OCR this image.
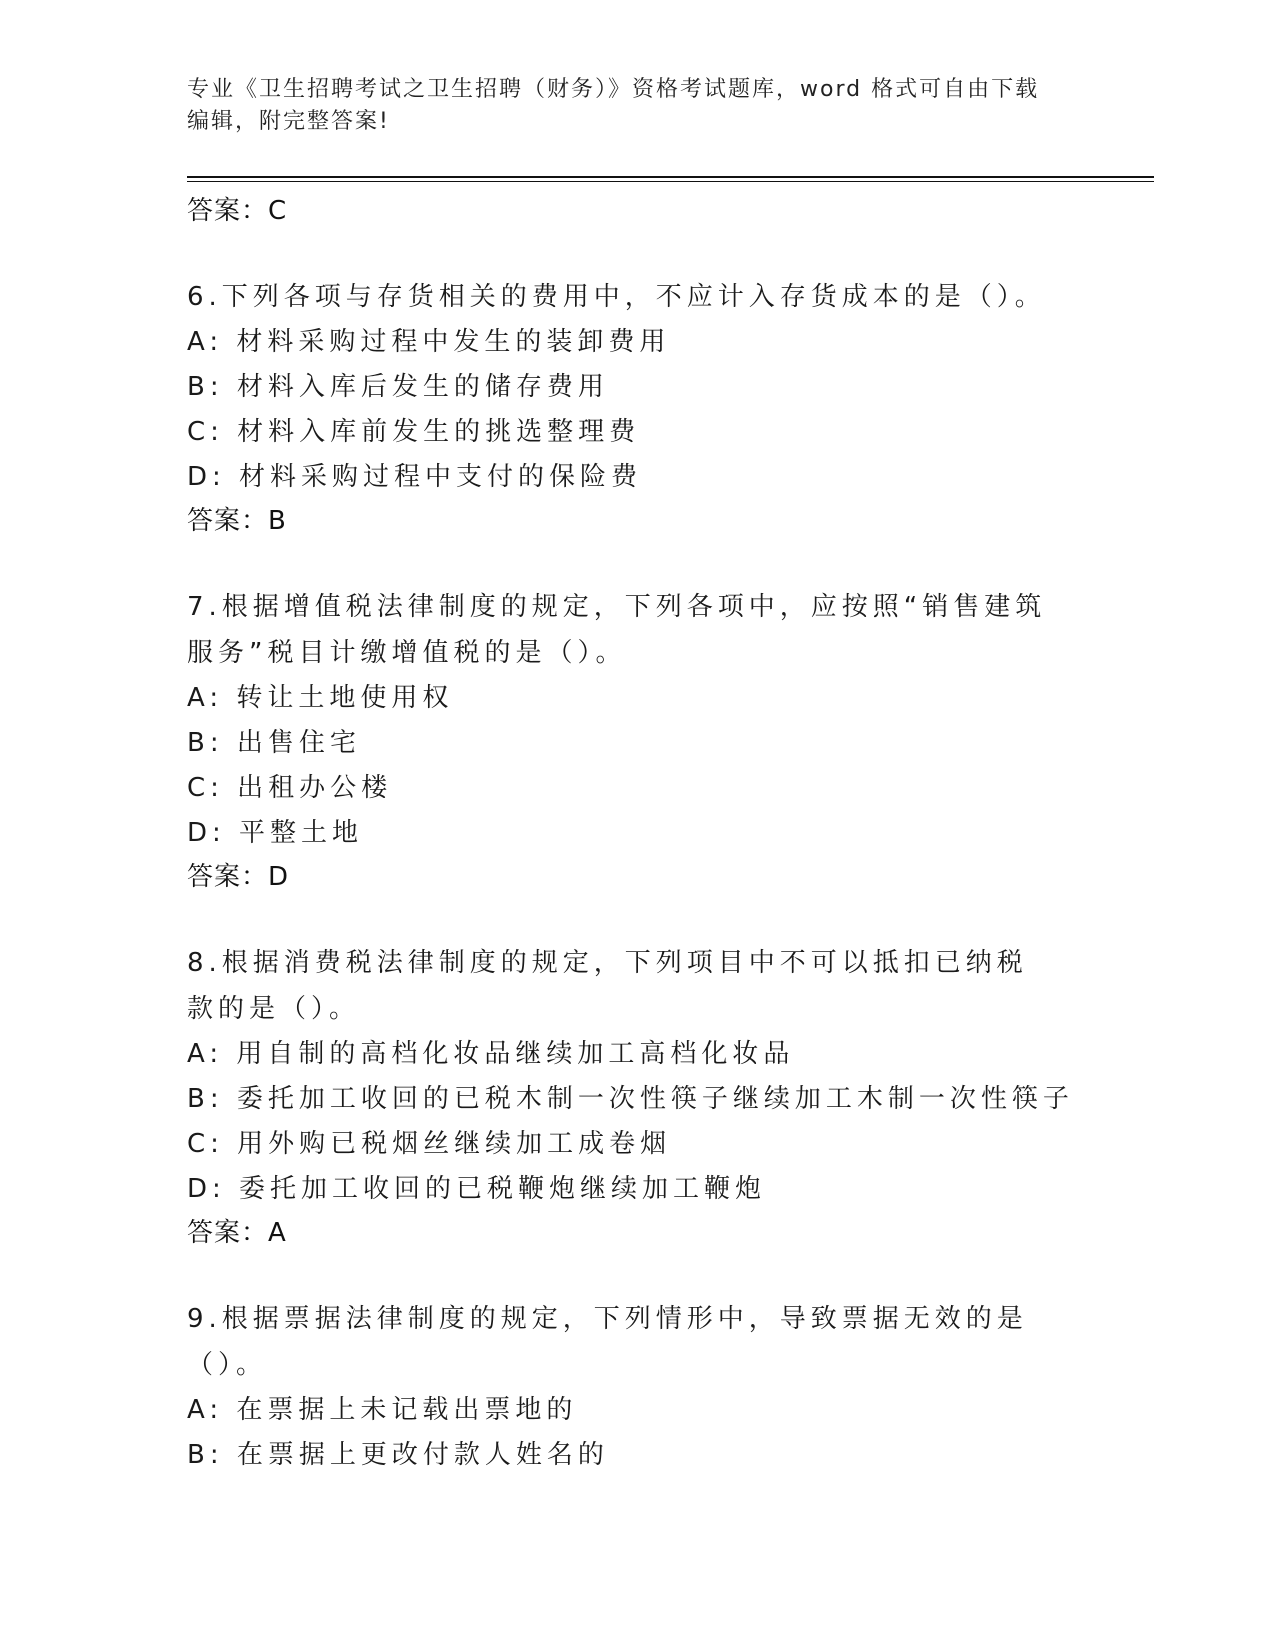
专业《卫生招聘考试之卫生招聘（财务）》资格考试题库，word 格式可自由下载
编辑，附完整答案!
答案：C
6.下列各项与存货相关的费用中，不应计入存货成本的是（）。
A: 材料采购过程中发生的装卸费用
B: 材料入库后发生的储存费用
C: 材料入库前发生的挑选整理费
D: 材料采购过程中支付的保险费
答案：B
7.根据增值税法律制度的规定，下列各项中，应按照“销售建筑服务”税目计缴增值税的是（）。
A: 转让土地使用权
B: 出售住宅
C: 出租办公楼
D: 平整土地
答案：D
8.根据消费税法律制度的规定，下列项目中不可以抵扣已纳税款的是（）。
A: 用自制的高档化妆品继续加工高档化妆品
B: 委托加工收回的已税木制一次性筷子继续加工木制一次性筷子
C: 用外购已税烟丝继续加工成卷烟
D: 委托加工收回的已税鞭炮继续加工鞭炮
答案：A
9.根据票据法律制度的规定，下列情形中，导致票据无效的是（）。
A: 在票据上未记载出票地的
B: 在票据上更改付款人姓名的
